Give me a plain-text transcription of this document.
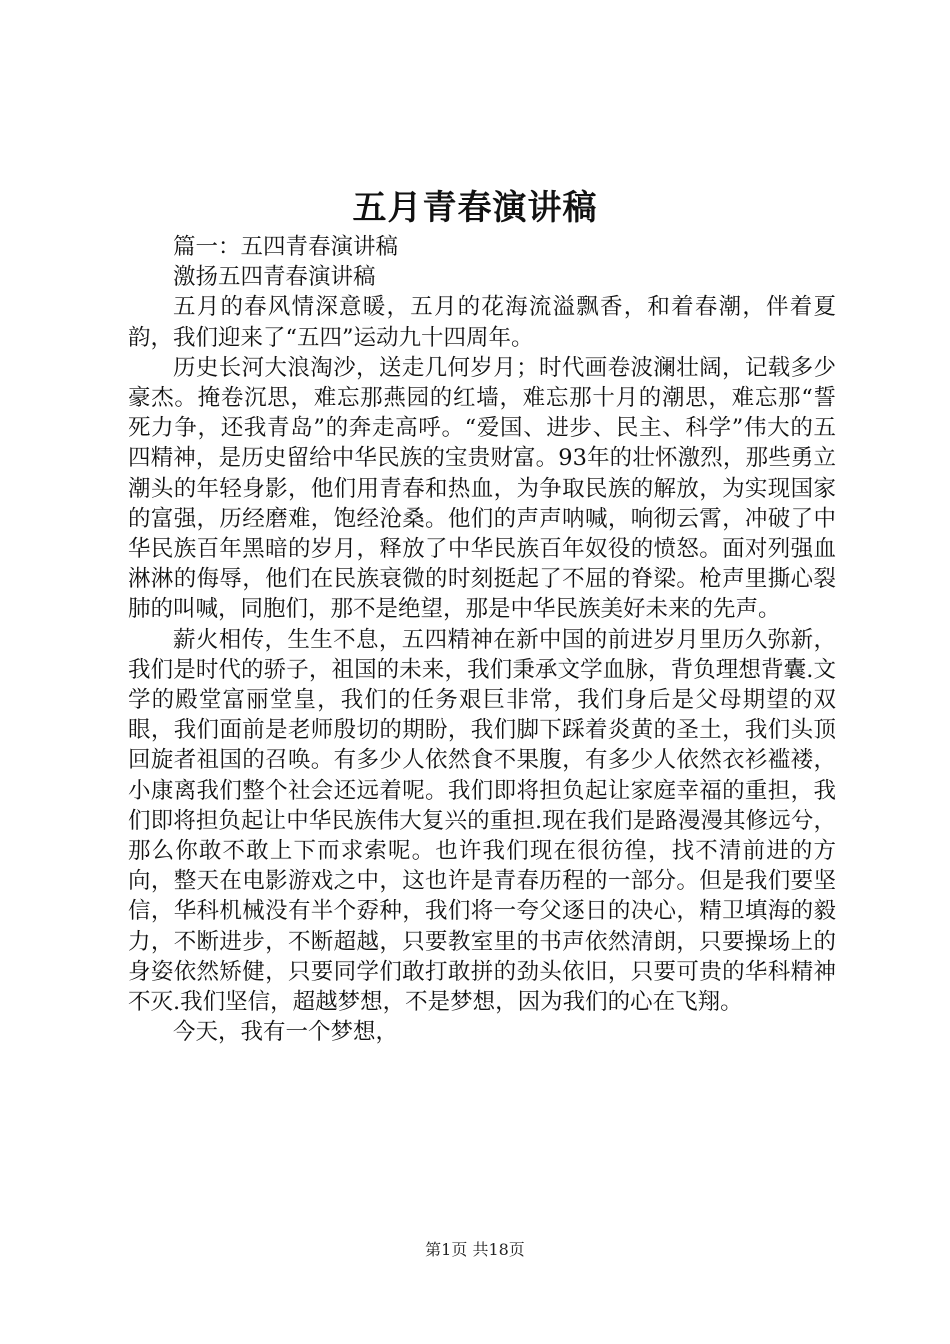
五月青春演讲稿

篇一：五四青春演讲稿

激扬五四青春演讲稿

五月的春风情深意暖，五月的花海流溢飘香，和着春潮，伴着夏韵，我们迎来了“五四”运动九十四周年。

历史长河大浪淘沙，送走几何岁月；时代画卷波澜壮阔，记载多少豪杰。掩卷沉思，难忘那燕园的红墙，难忘那十月的潮思，难忘那“誓死力争，还我青岛”的奔走高呼。“爱国、进步、民主、科学”伟大的五四精神，是历史留给中华民族的宝贵财富。93年的壮怀激烈，那些勇立潮头的年轻身影，他们用青春和热血，为争取民族的解放，为实现国家的富强，历经磨难，饱经沧桑。他们的声声呐喊，响彻云霄，冲破了中华民族百年黑暗的岁月，释放了中华民族百年奴役的愤怒。面对列强血淋淋的侮辱，他们在民族衰微的时刻挺起了不屈的脊梁。枪声里撕心裂肺的叫喊，同胞们，那不是绝望，那是中华民族美好未来的先声。

薪火相传，生生不息，五四精神在新中国的前进岁月里历久弥新，我们是时代的骄子，祖国的未来，我们秉承文学血脉，背负理想背囊.文学的殿堂富丽堂皇，我们的任务艰巨非常，我们身后是父母期望的双眼，我们面前是老师殷切的期盼，我们脚下踩着炎黄的圣土，我们头顶回旋者祖国的召唤。有多少人依然食不果腹，有多少人依然衣衫褴褛，小康离我们整个社会还远着呢。我们即将担负起让家庭幸福的重担，我们即将担负起让中华民族伟大复兴的重担.现在我们是路漫漫其修远兮，那么你敢不敢上下而求索呢。也许我们现在很彷徨，找不清前进的方向，整天在电影游戏之中，这也许是青春历程的一部分。但是我们要坚信，华科机械没有半个孬种，我们将一夸父逐日的决心，精卫填海的毅力，不断进步，不断超越，只要教室里的书声依然清朗，只要操场上的身姿依然矫健，只要同学们敢打敢拼的劲头依旧，只要可贵的华科精神不灭.我们坚信，超越梦想，不是梦想，因为我们的心在飞翔。

今天，我有一个梦想，

第1页 共18页
